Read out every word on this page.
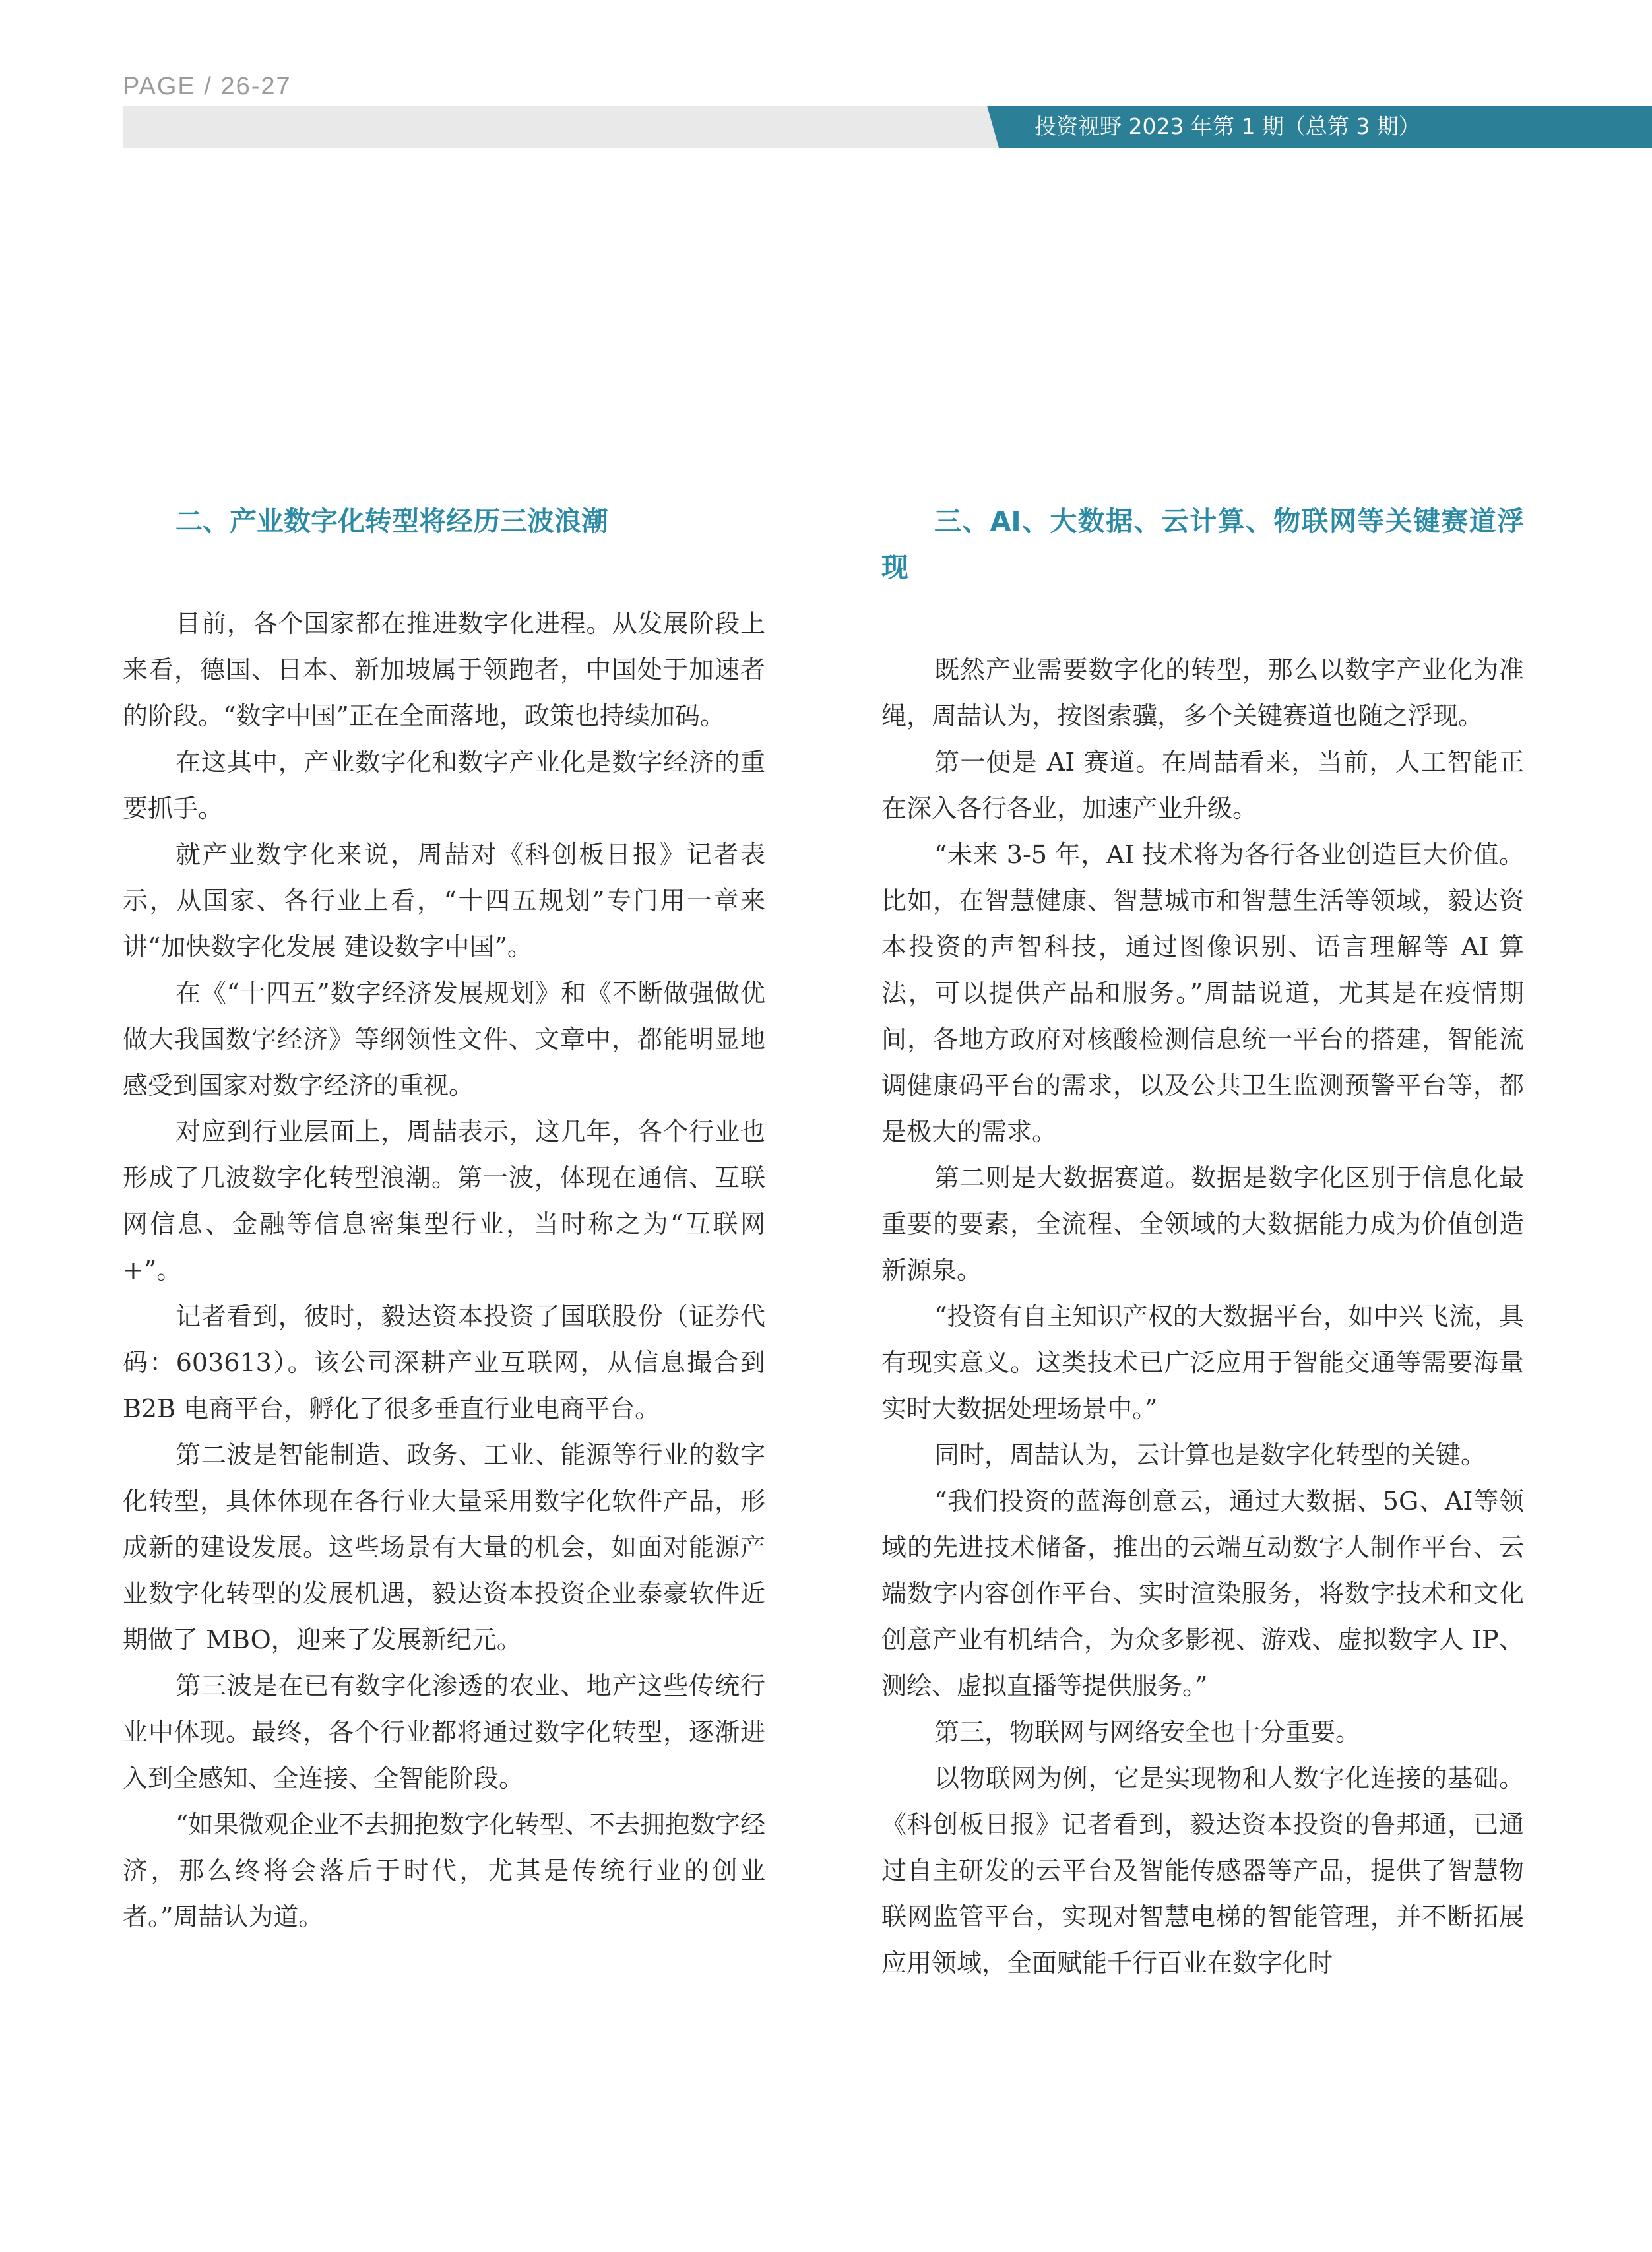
PAGE / 26-27
投资视野 2023 年第 1 期（总第 3 期）
二、产业数字化转型将经历三波浪潮

目前，各个国家都在推进数字化进程。从发展阶段上来看，德国、日本、新加坡属于领跑者，中国处于加速者的阶段。“数字中国”正在全面落地，政策也持续加码。

在这其中，产业数字化和数字产业化是数字经济的重要抓手。

就产业数字化来说，周喆对《科创板日报》记者表示，从国家、各行业上看，“十四五规划”专门用一章来讲“加快数字化发展 建设数字中国”。

在《“十四五”数字经济发展规划》和《不断做强做优做大我国数字经济》等纲领性文件、文章中，都能明显地感受到国家对数字经济的重视。

对应到行业层面上，周喆表示，这几年，各个行业也形成了几波数字化转型浪潮。第一波，体现在通信、互联网信息、金融等信息密集型行业，当时称之为“互联网 +”。

记者看到，彼时，毅达资本投资了国联股份（证券代码：603613）。该公司深耕产业互联网，从信息撮合到 B2B 电商平台，孵化了很多垂直行业电商平台。

第二波是智能制造、政务、工业、能源等行业的数字化转型，具体体现在各行业大量采用数字化软件产品，形成新的建设发展。这些场景有大量的机会，如面对能源产业数字化转型的发展机遇，毅达资本投资企业泰豪软件近期做了 MBO，迎来了发展新纪元。

第三波是在已有数字化渗透的农业、地产这些传统行业中体现。最终，各个行业都将通过数字化转型，逐渐进入到全感知、全连接、全智能阶段。

“如果微观企业不去拥抱数字化转型、不去拥抱数字经济，那么终将会落后于时代，尤其是传统行业的创业者。”周喆认为道。

三、AI、大数据、云计算、物联网等关键赛道浮现

既然产业需要数字化的转型，那么以数字产业化为准绳，周喆认为，按图索骥，多个关键赛道也随之浮现。

第一便是 AI 赛道。在周喆看来，当前，人工智能正在深入各行各业，加速产业升级。

“未来 3-5 年，AI 技术将为各行各业创造巨大价值。比如，在智慧健康、智慧城市和智慧生活等领域，毅达资本投资的声智科技，通过图像识别、语言理解等 AI 算法，可以提供产品和服务。”周喆说道，尤其是在疫情期间，各地方政府对核酸检测信息统一平台的搭建，智能流调健康码平台的需求，以及公共卫生监测预警平台等，都是极大的需求。

第二则是大数据赛道。数据是数字化区别于信息化最重要的要素，全流程、全领域的大数据能力成为价值创造新源泉。

“投资有自主知识产权的大数据平台，如中兴飞流，具有现实意义。这类技术已广泛应用于智能交通等需要海量实时大数据处理场景中。”

同时，周喆认为，云计算也是数字化转型的关键。

“我们投资的蓝海创意云，通过大数据、5G、AI等领域的先进技术储备，推出的云端互动数字人制作平台、云端数字内容创作平台、实时渲染服务，将数字技术和文化创意产业有机结合，为众多影视、游戏、虚拟数字人 IP、测绘、虚拟直播等提供服务。”

第三，物联网与网络安全也十分重要。

以物联网为例，它是实现物和人数字化连接的基础。《科创板日报》记者看到，毅达资本投资的鲁邦通，已通过自主研发的云平台及智能传感器等产品，提供了智慧物联网监管平台，实现对智慧电梯的智能管理，并不断拓展应用领域，全面赋能千行百业在数字化时
